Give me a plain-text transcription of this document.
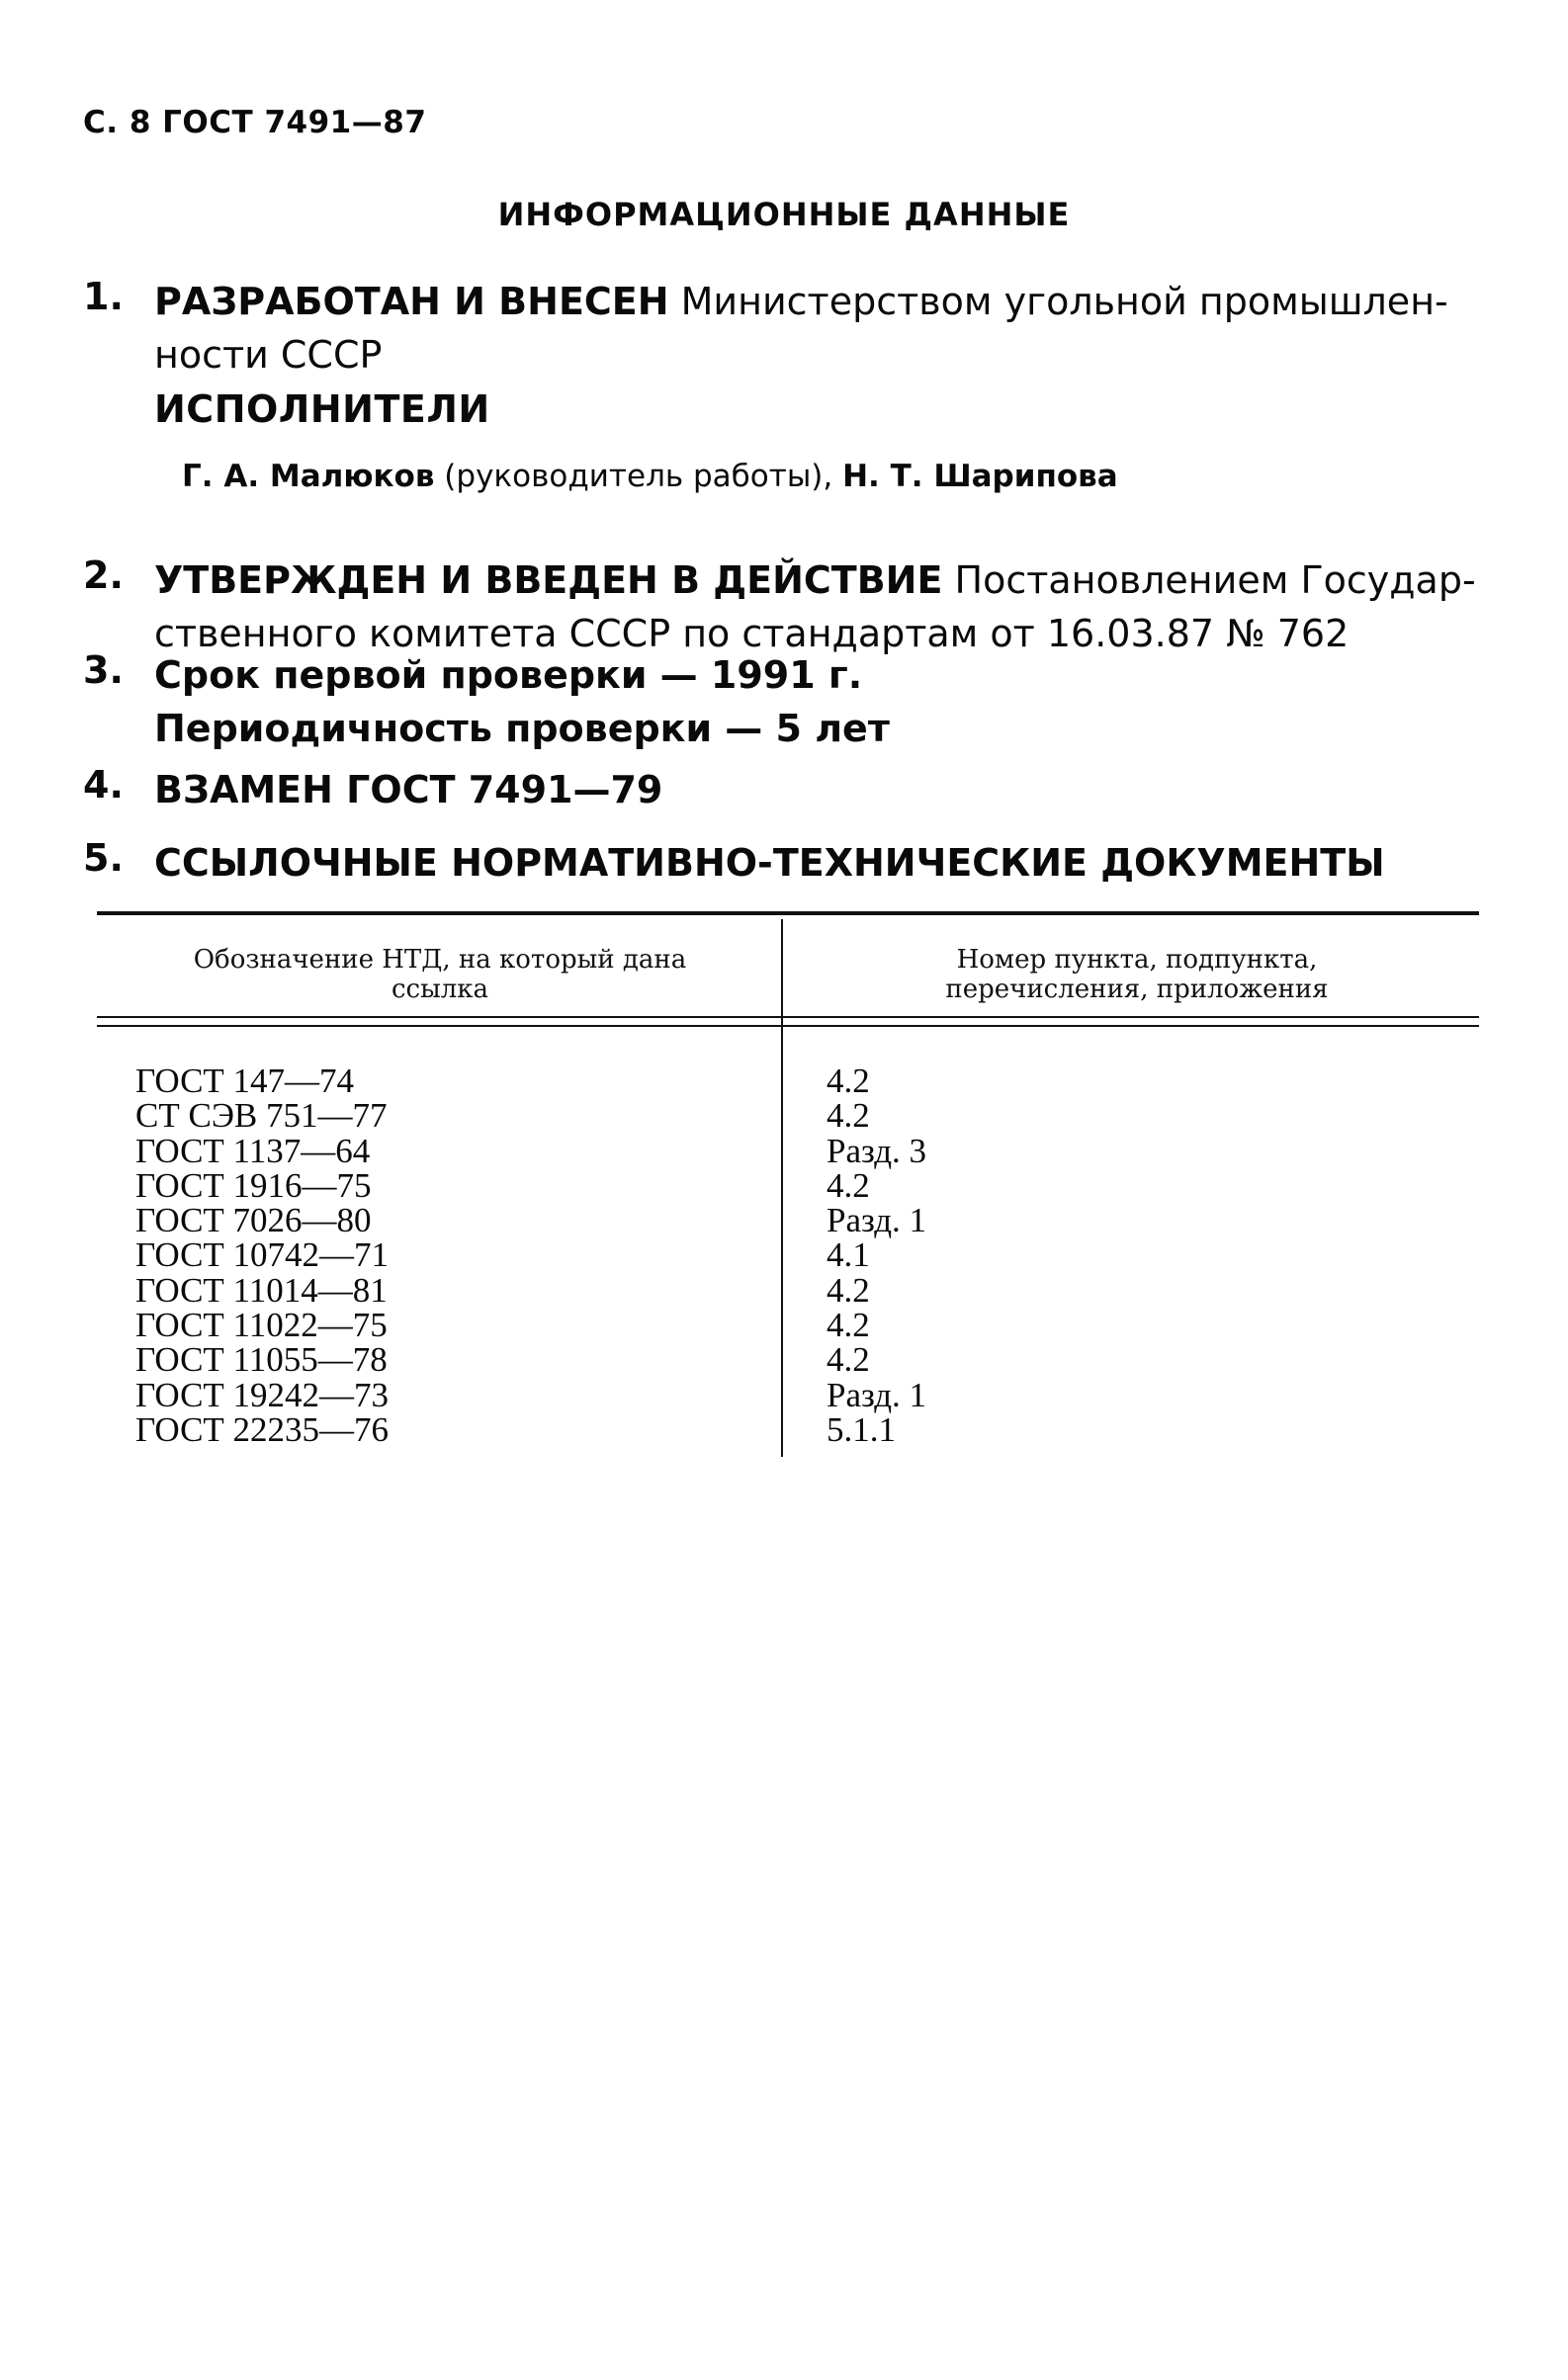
С. 8 ГОСТ 7491—87
ИНФОРМАЦИОННЫЕ ДАННЫЕ
1. РАЗРАБОТАН И ВНЕСЕН Министерством угольной промышлен-
ности СССР
ИСПОЛНИТЕЛИ
Г. А. Малюков (руководитель работы), Н. Т. Шарипова
2. УТВЕРЖДЕН И ВВЕДЕН В ДЕЙСТВИЕ Постановлением Государ-
ственного комитета СССР по стандартам от 16.03.87 № 762
3. Срок первой проверки — 1991 г.
Периодичность проверки — 5 лет
4. ВЗАМЕН ГОСТ 7491—79
5. ССЫЛОЧНЫЕ НОРМАТИВНО-ТЕХНИЧЕСКИЕ ДОКУМЕНТЫ
Обозначение НТД, на который дана ссылка
Номер пункта, подпункта, перечисления, приложения
ГОСТ 147—74
СТ СЭВ 751—77
ГОСТ 1137—64
ГОСТ 1916—75
ГОСТ 7026—80
ГОСТ 10742—71
ГОСТ 11014—81
ГОСТ 11022—75
ГОСТ 11055—78
ГОСТ 19242—73
ГОСТ 22235—76
4.2
4.2
Разд. 3
4.2
Разд. 1
4.1
4.2
4.2
4.2
Разд. 1
5.1.1
